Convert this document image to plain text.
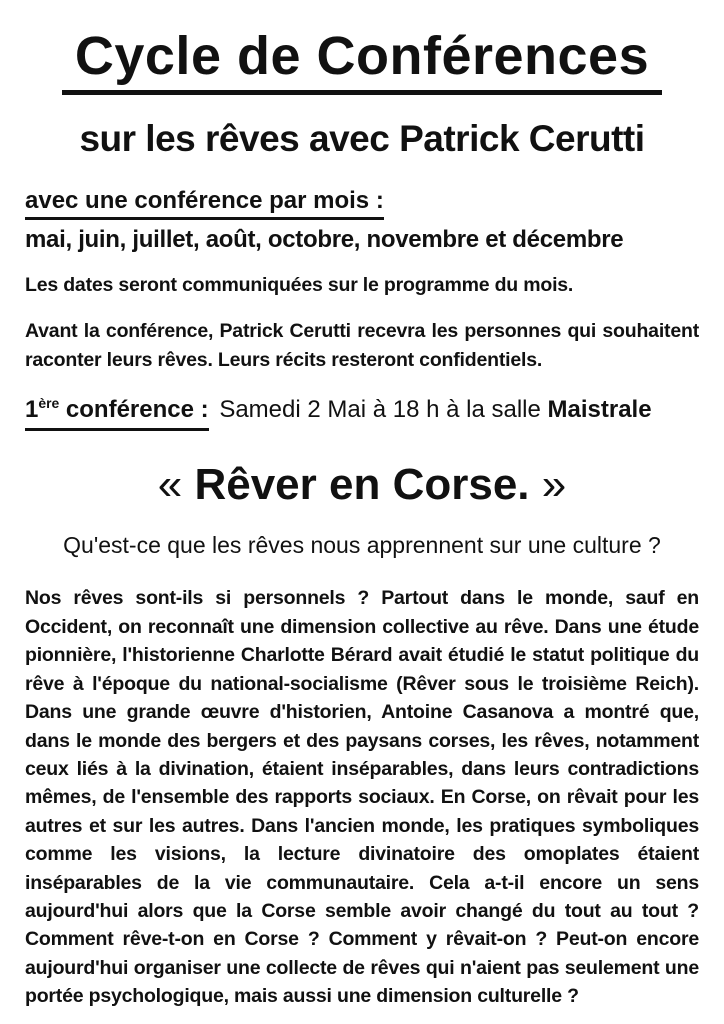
Cycle de Conférences
sur les rêves avec Patrick Cerutti

avec une conférence par mois :

mai, juin, juillet, août, octobre, novembre et décembre

Les dates seront communiquées sur le programme du mois.

Avant la conférence, Patrick Cerutti recevra les personnes qui souhaitent raconter leurs rêves. Leurs récits resteront confidentiels.

1ère conférence : Samedi 2 Mai à 18 h à la salle Maistrale

« Rêver en Corse. »

Qu'est-ce que les rêves nous apprennent sur une culture ?

Nos rêves sont-ils si personnels ? Partout dans le monde, sauf en Occident, on reconnaît une dimension collective au rêve. Dans une étude pionnière, l'historienne Charlotte Bérard avait étudié le statut politique du rêve à l'époque du national-socialisme (Rêver sous le troisième Reich). Dans une grande œuvre d'historien, Antoine Casanova a montré que, dans le monde des bergers et des paysans corses, les rêves, notamment ceux liés à la divination, étaient inséparables, dans leurs contradictions mêmes, de l'ensemble des rapports sociaux. En Corse, on rêvait pour les autres et sur les autres. Dans l'ancien monde, les pratiques symboliques comme les visions, la lecture divinatoire des omoplates étaient inséparables de la vie communautaire. Cela a-t-il encore un sens aujourd'hui alors que la Corse semble avoir changé du tout au tout ? Comment rêve-t-on en Corse ? Comment y rêvait-on ? Peut-on encore aujourd'hui organiser une collecte de rêves qui n'aient pas seulement une portée psychologique, mais aussi une dimension culturelle ?
